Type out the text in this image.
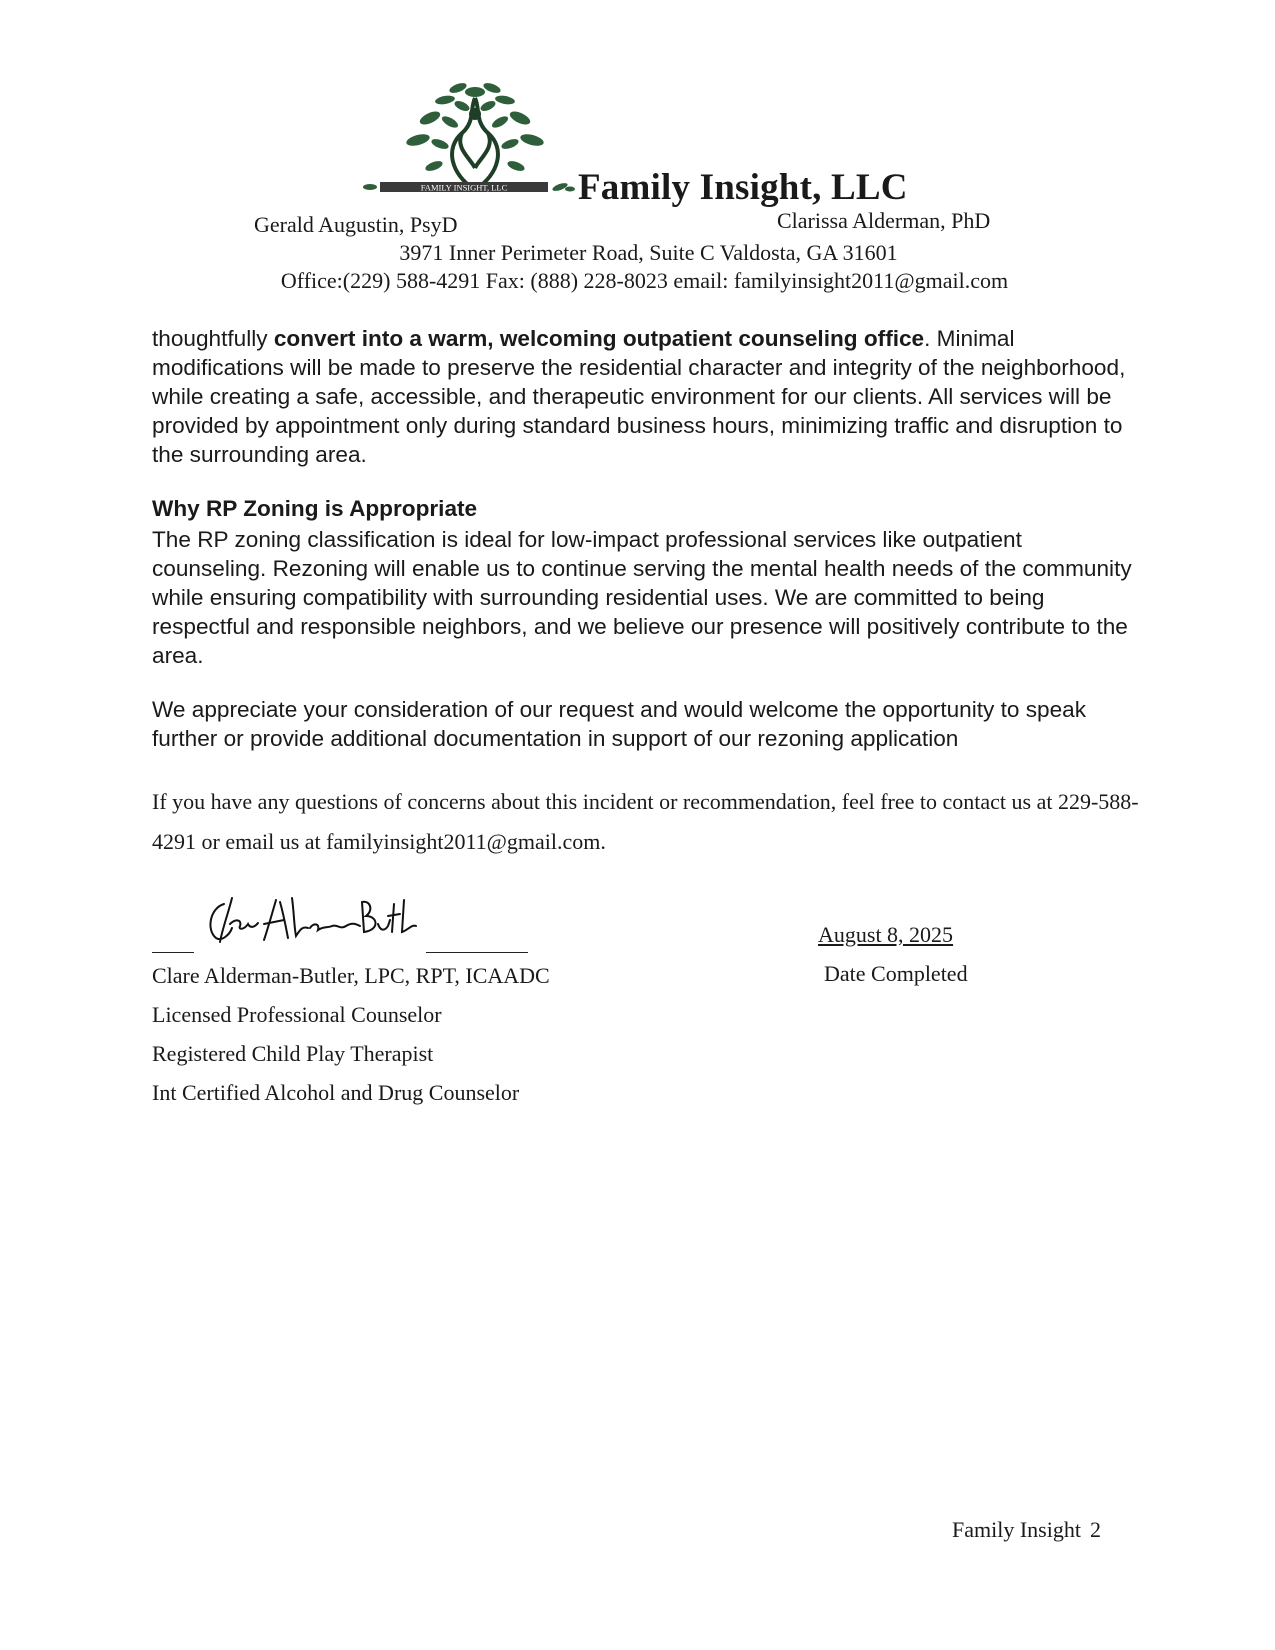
FAMILY INSIGHT, LLC Family Insight, LLC
Gerald Augustin, PsyD	Clarissa Alderman, PhD
3971 Inner Perimeter Road, Suite C Valdosta, GA 31601
Office:(229) 588-4291 Fax: (888) 228-8023 email: familyinsight2011@gmail.com
thoughtfully convert into a warm, welcoming outpatient counseling office. Minimal modifications will be made to preserve the residential character and integrity of the neighborhood, while creating a safe, accessible, and therapeutic environment for our clients. All services will be provided by appointment only during standard business hours, minimizing traffic and disruption to the surrounding area.
Why RP Zoning is Appropriate
The RP zoning classification is ideal for low-impact professional services like outpatient counseling. Rezoning will enable us to continue serving the mental health needs of the community while ensuring compatibility with surrounding residential uses. We are committed to being respectful and responsible neighbors, and we believe our presence will positively contribute to the area.
We appreciate your consideration of our request and would welcome the opportunity to speak further or provide additional documentation in support of our rezoning application
If you have any questions of concerns about this incident or recommendation, feel free to contact us at 229-588-4291 or email us at familyinsight2011@gmail.com.
August 8, 2025
Date Completed
Clare Alderman-Butler, LPC, RPT, ICAADC
Licensed Professional Counselor
Registered Child Play Therapist
Int Certified Alcohol and Drug Counselor
Family Insight 2
